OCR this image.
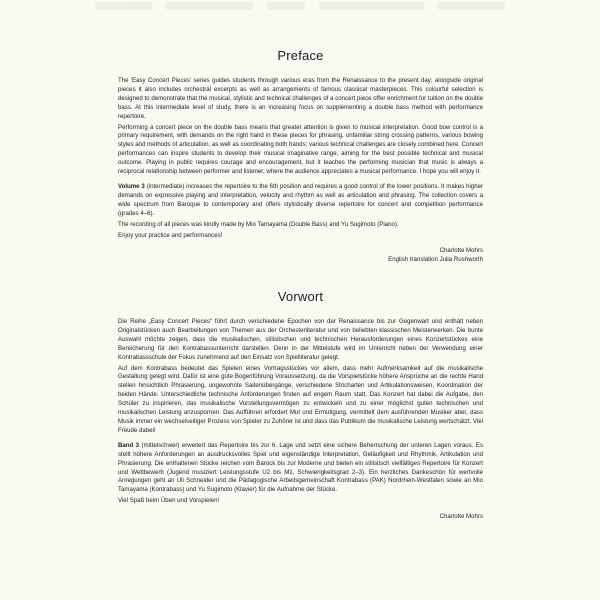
Preface

The 'Easy Concert Pieces' series guides students through various eras from the Renaissance to the present day; alongside original pieces it also includes orchestral excerpts as well as arrangements of famous classical masterpieces. This colourful selection is designed to demonstrate that the musical, stylistic and technical challenges of a concert piece offer enrichment for tuition on the double bass. At this intermediate level of study, there is an increasing focus on supplementing a double bass method with performance repertoire.

Performing a concert piece on the double bass means that greater attention is given to musical interpretation. Good bow control is a primary requirement, with demands on the right hand in these pieces for phrasing, unfamiliar string crossing patterns, various bowing styles and methods of articulation, as well as coordinating both hands; various technical challenges are closely combined here. Concert performances can inspire students to develop their musical imaginative range, aiming for the best possible technical and musical outcome. Playing in public requires courage and encouragement, but it teaches the performing musician that music is always a reciprocal relationship between performer and listener, where the audience appreciates a musical performance. I hope you will enjoy it.

Volume 3 (intermediate) increases the repertoire to the 6th position and requires a good control of the lower positions. It makes higher demands on expressive playing and interpretation, velocity and rhythm as well as articulation and phrasing. The collection covers a wide spectrum from Baroque to contemporary and offers stylistically diverse repertoire for concert and competition performance (grades 4–6).

The recording of all pieces was kindly made by Mio Tamayama (Double Bass) and Yu Sugimoto (Piano).

Enjoy your practice and performances!

Charlotte Mohrs

English translation Julia Rushworth

Vorwort

Die Reihe „Easy Concert Pieces“ führt durch verschiedene Epochen von der Renaissance bis zur Gegenwart und enthält neben Originalstücken auch Bearbeitungen von Themen aus der Orchesterliteratur und von beliebten klassischen Meisterwerken. Die bunte Auswahl möchte zeigen, dass die musikalischen, stilistischen und technischen Herausforderungen eines Konzertstückes eine Bereicherung für den Kontrabassunterricht darstellen. Denn in der Mittelstufe wird im Unterricht neben der Verwendung einer Kontrabassschule der Fokus zunehmend auf den Einsatz von Spielliteratur gelegt.

Auf dem Kontrabass bedeutet das Spielen eines Vortragsstückes vor allem, dass mehr Aufmerksamkeit auf die musikalische Gestaltung gelegt wird. Dafür ist eine gute Bogenführung Voraussetzung, da die Vorspielstücke höhere Ansprüche an die rechte Hand stellen hinsichtlich Phrasierung, ungewohnte Saitenübergänge, verschiedene Stricharten und Artikulationsweisen, Koordination der beiden Hände. Unterschiedliche technische Anforderungen finden auf engem Raum statt. Das Konzert hat dabei die Aufgabe, den Schüler zu inspirieren, das musikalische Vorstellungsvermögen zu entwickeln und zu einer möglichst guten technischen und musikalischen Leistung anzuspornen. Das Aufführen erfordert Mut und Ermutigung, vermittelt dem ausführenden Musiker aber, dass Musik immer ein wechselseitiger Prozess von Spieler zu Zuhörer ist und dass das Publikum die musikalische Leistung wertschätzt. Viel Freude dabei!

Band 3 (mittelschwer) erweitert das Repertoire bis zur 6. Lage und setzt eine sichere Beherrschung der unteren Lagen voraus. Es stellt höhere Anforderungen an ausdrucksvolles Spiel und eigenständige Interpretation, Geläufigkeit und Rhythmik, Artikulation und Phrasierung. Die enthaltenen Stücke reichen vom Barock bis zur Moderne und bieten ein stilistisch vielfältiges Repertoire für Konzert und Wettbewerb (Jugend musiziert Leistungsstufe U2 bis M1, Schwierigkeitsgrad 2–3). Ein herzliches Dankeschön für wertvolle Anregungen geht an Uli Schneider und die Pädagogische Arbeitsgemeinschaft Kontrabass (PAK) Nordrhein-Westfalen sowie an Mio Tamayama (Kontrabass) und Yu Sugimoto (Klavier) für die Aufnahme der Stücke.

Viel Spaß beim Üben und Vorspielen!

Charlotte Mohrs
